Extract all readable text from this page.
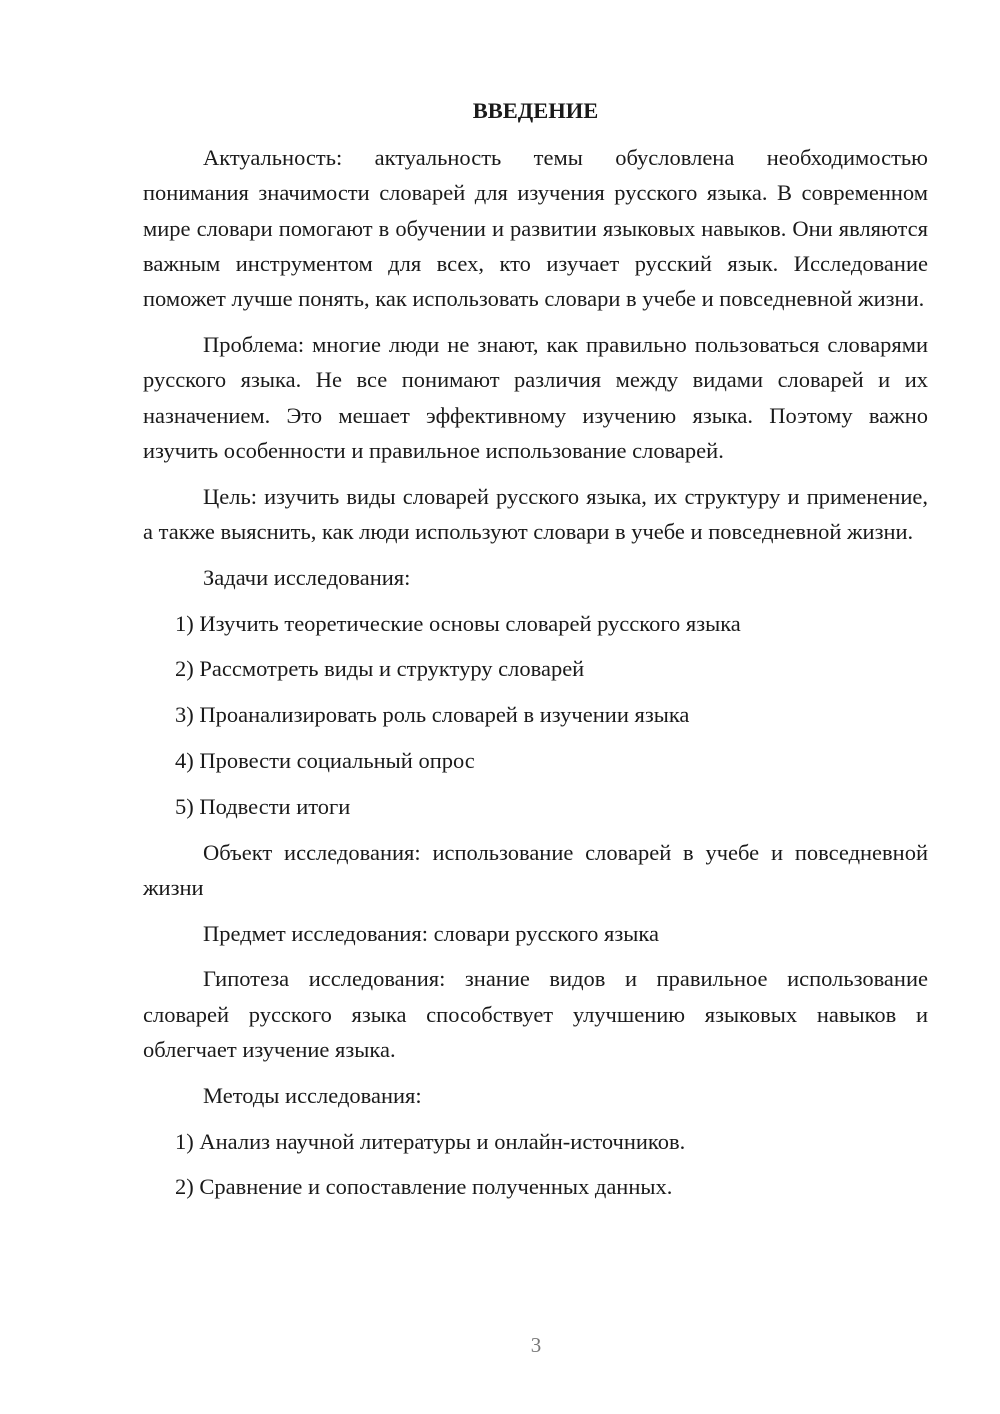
ВВЕДЕНИЕ
Актуальность: актуальность темы обусловлена необходимостью понимания значимости словарей для изучения русского языка. В современном мире словари помогают в обучении и развитии языковых навыков. Они являются важным инструментом для всех, кто изучает русский язык. Исследование поможет лучше понять, как использовать словари в учебе и повседневной жизни.
Проблема: многие люди не знают, как правильно пользоваться словарями русского языка. Не все понимают различия между видами словарей и их назначением. Это мешает эффективному изучению языка. Поэтому важно изучить особенности и правильное использование словарей.
Цель: изучить виды словарей русского языка, их структуру и применение, а также выяснить, как люди используют словари в учебе и повседневной жизни.
Задачи исследования:
1) Изучить теоретические основы словарей русского языка
2) Рассмотреть виды и структуру словарей
3) Проанализировать роль словарей в изучении языка
4) Провести социальный опрос
5) Подвести итоги
Объект исследования: использование словарей в учебе и повседневной жизни
Предмет исследования: словари русского языка
Гипотеза исследования: знание видов и правильное использование словарей русского языка способствует улучшению языковых навыков и облегчает изучение языка.
Методы исследования:
1) Анализ научной литературы и онлайн-источников.
2) Сравнение и сопоставление полученных данных.
3
